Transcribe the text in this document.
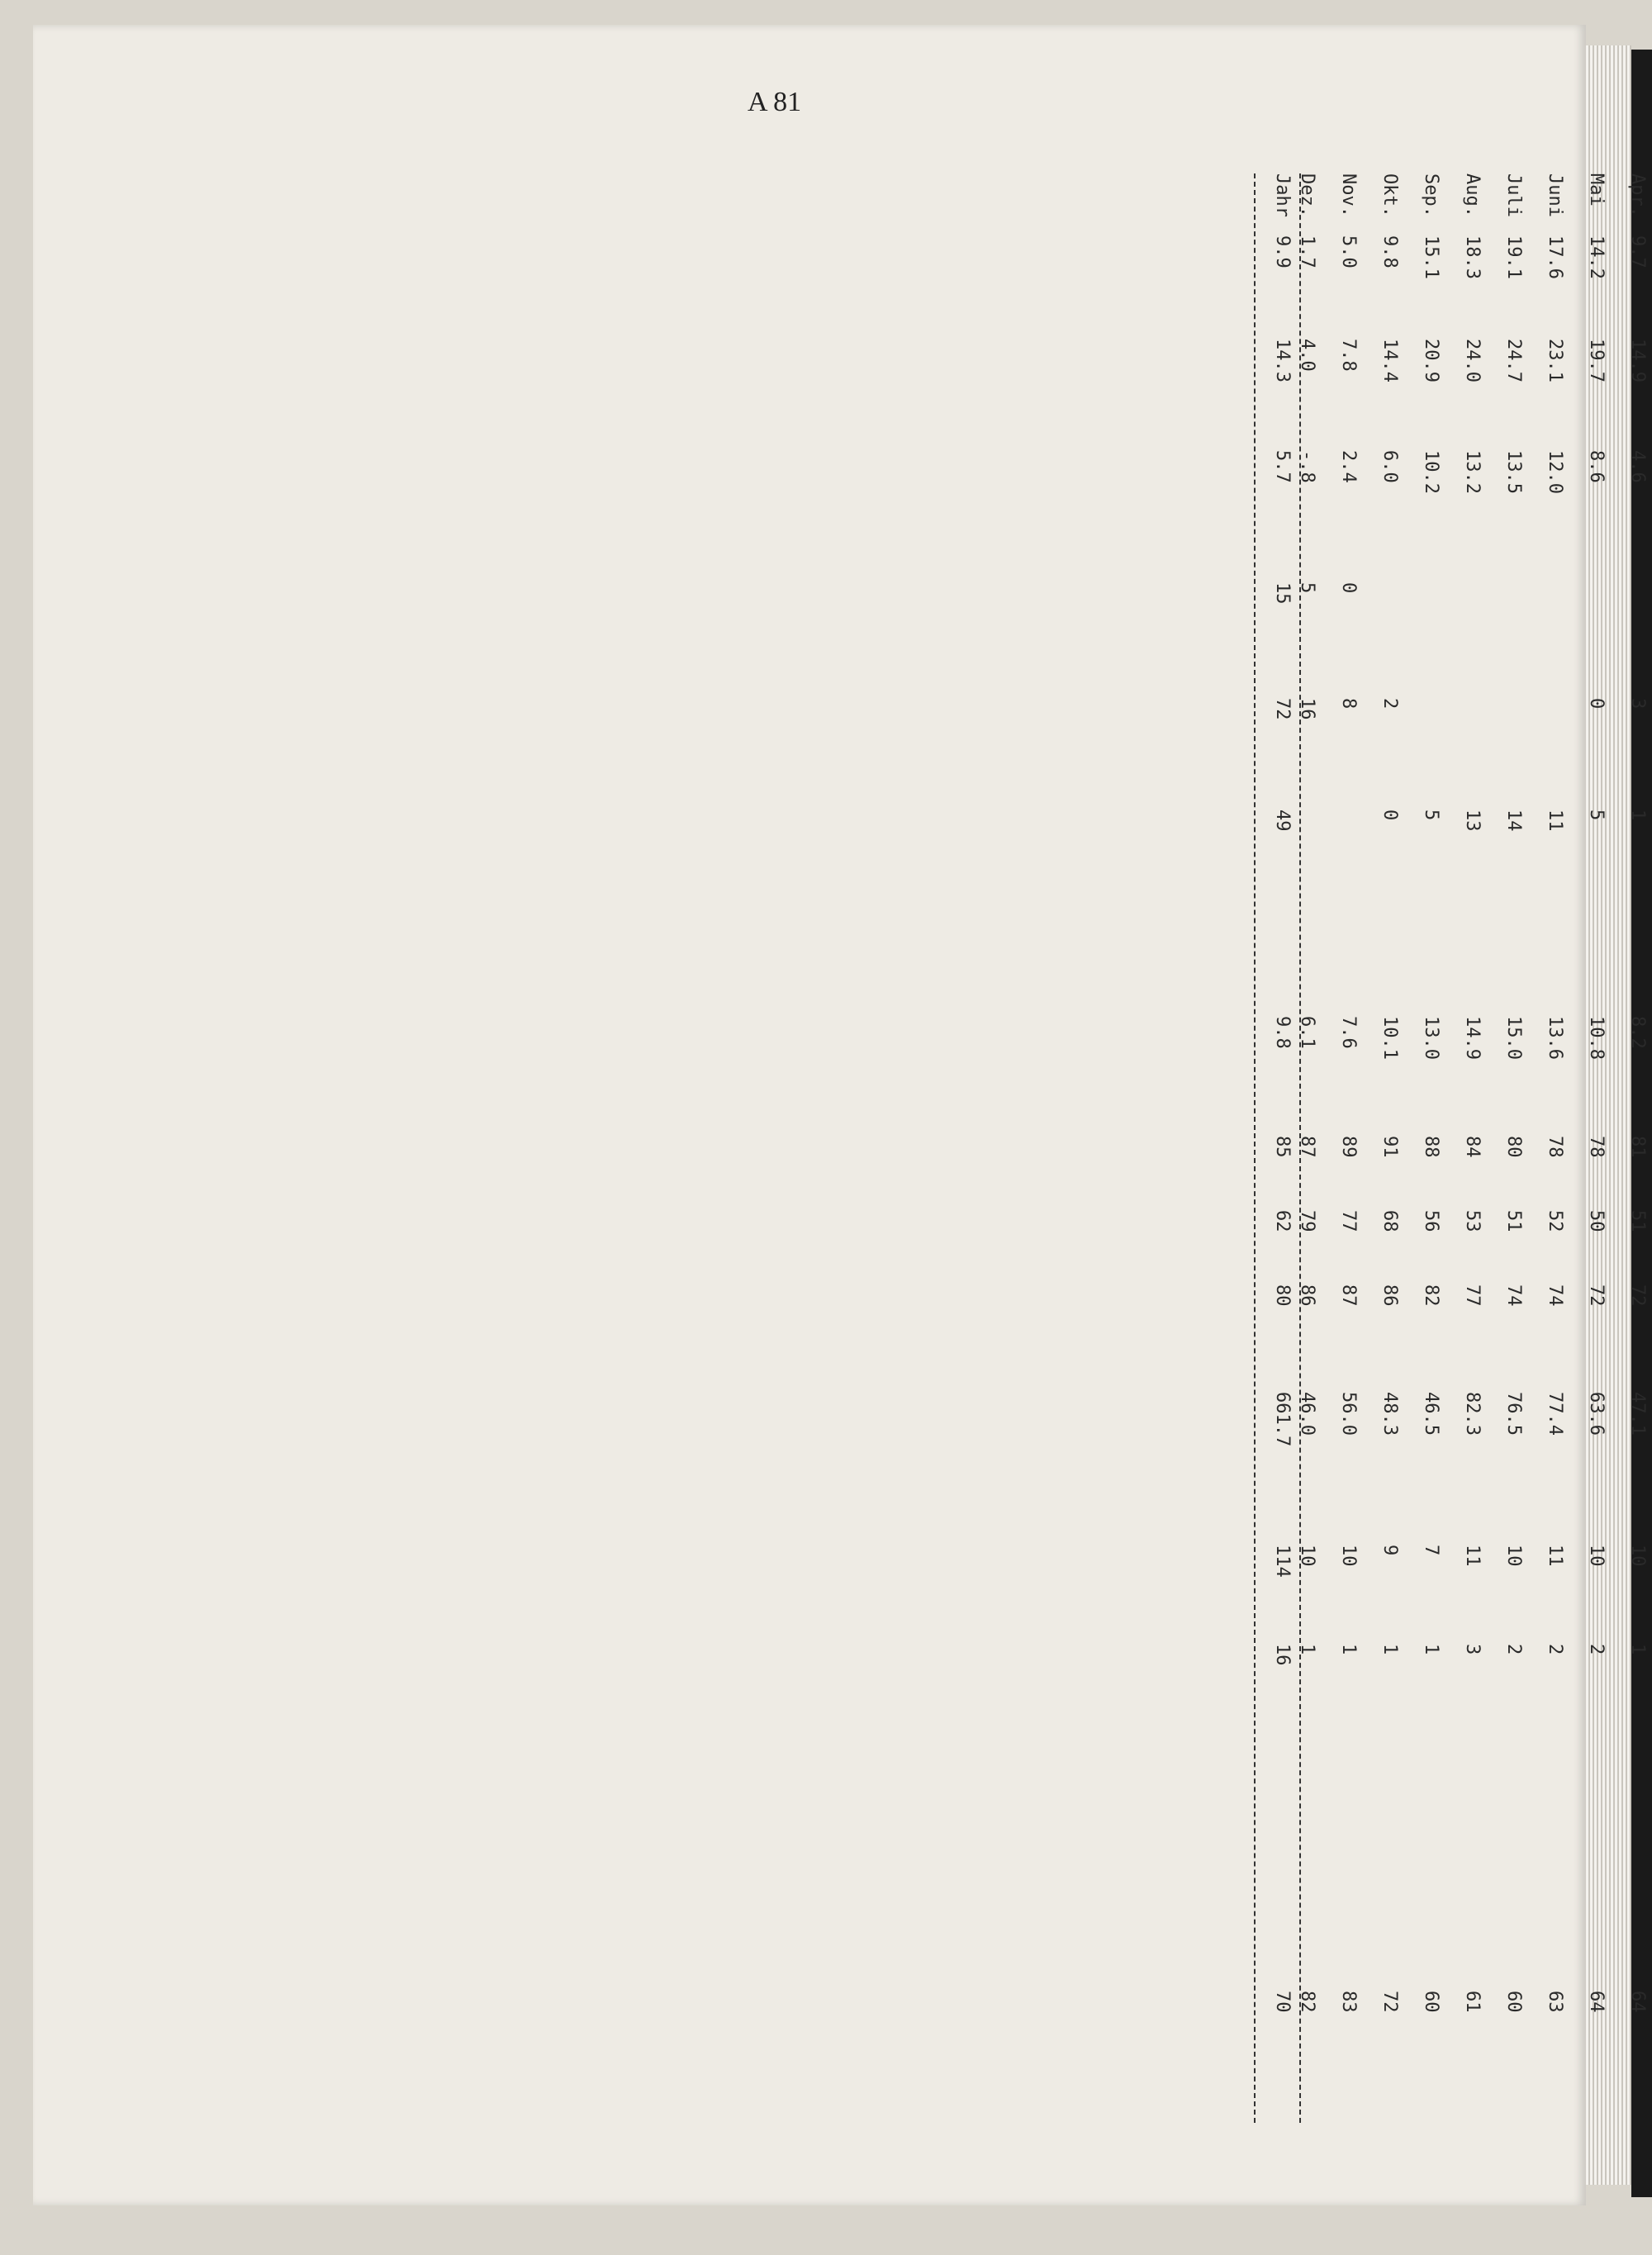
A 81

Apr.
9.7
14.9
4.6
3
1
8.2
81
51
72
47.1
10
1
64
Mai
14.2
19.7
8.6
0
5
10.8
78
50
72
63.6
10
2
64
Juni
17.6
23.1
12.0
11
13.6
78
52
74
77.4
11
2
63
Juli
19.1
24.7
13.5
14
15.0
80
51
74
76.5
10
2
60
Aug.
18.3
24.0
13.2
13
14.9
84
53
77
82.3
11
3
61
Sep.
15.1
20.9
10.2
5
13.0
88
56
82
46.5
7
1
60
Okt.
9.8
14.4
6.0
2
0
10.1
91
68
86
48.3
9
1
72
Nov.
5.0
7.8
2.4
0
8
7.6
89
77
87
56.0
10
1
83
Dez.
1.7
4.0
-.8
5
16
6.1
87
79
86
46.0
10
1
82
Jahr
9.9
14.3
5.7
15
72
49
9.8
85
62
80
661.7
114
16
70
